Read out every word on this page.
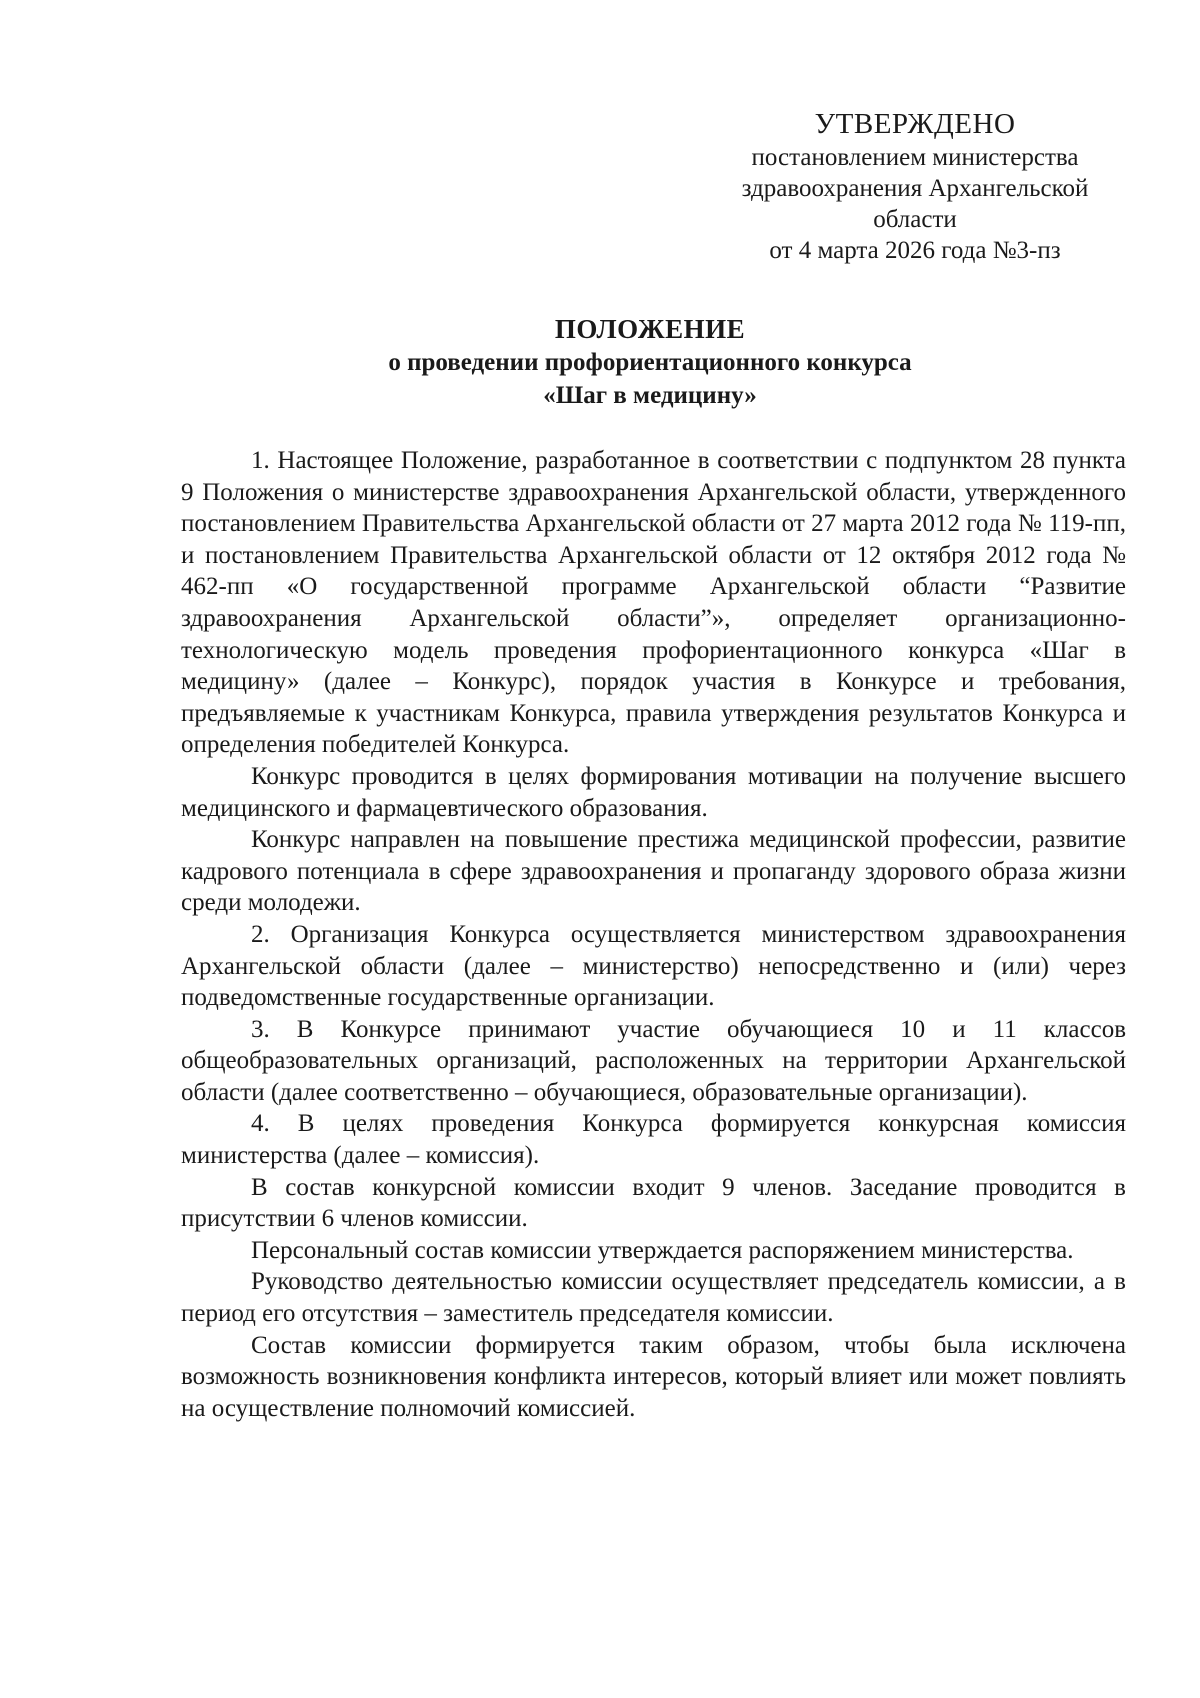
УТВЕРЖДЕНО
постановлением министерства
здравоохранения Архангельской
области
от 4 марта 2026 года №3-пз
ПОЛОЖЕНИЕ
о проведении профориентационного конкурса
«Шаг в медицину»

1. Настоящее Положение, разработанное в соответствии с подпунктом 28 пункта 9 Положения о министерстве здравоохранения Архангельской области, утвержденного постановлением Правительства Архангельской области от 27 марта 2012 года № 119-пп, и постановлением Правительства Архангельской области от 12 октября 2012 года № 462-пп «О государственной программе Архангельской области “Развитие здравоохранения Архангельской области”», определяет организационно-технологическую модель проведения профориентационного конкурса «Шаг в медицину» (далее – Конкурс), порядок участия в Конкурсе и требования, предъявляемые к участникам Конкурса, правила утверждения результатов Конкурса и определения победителей Конкурса.

Конкурс проводится в целях формирования мотивации на получение высшего медицинского и фармацевтического образования.

Конкурс направлен на повышение престижа медицинской профессии, развитие кадрового потенциала в сфере здравоохранения и пропаганду здорового образа жизни среди молодежи.

2. Организация Конкурса осуществляется министерством здравоохранения Архангельской области (далее – министерство) непосредственно и (или) через подведомственные государственные организации.

3. В Конкурсе принимают участие обучающиеся 10 и 11 классов общеобразовательных организаций, расположенных на территории Архангельской области (далее соответственно – обучающиеся, образовательные организации).

4. В целях проведения Конкурса формируется конкурсная комиссия министерства (далее – комиссия).

В состав конкурсной комиссии входит 9 членов. Заседание проводится в присутствии 6 членов комиссии.

Персональный состав комиссии утверждается распоряжением министерства.

Руководство деятельностью комиссии осуществляет председатель комиссии, а в период его отсутствия – заместитель председателя комиссии.

Состав комиссии формируется таким образом, чтобы была исключена возможность возникновения конфликта интересов, который влияет или может повлиять на осуществление полномочий комиссией.
